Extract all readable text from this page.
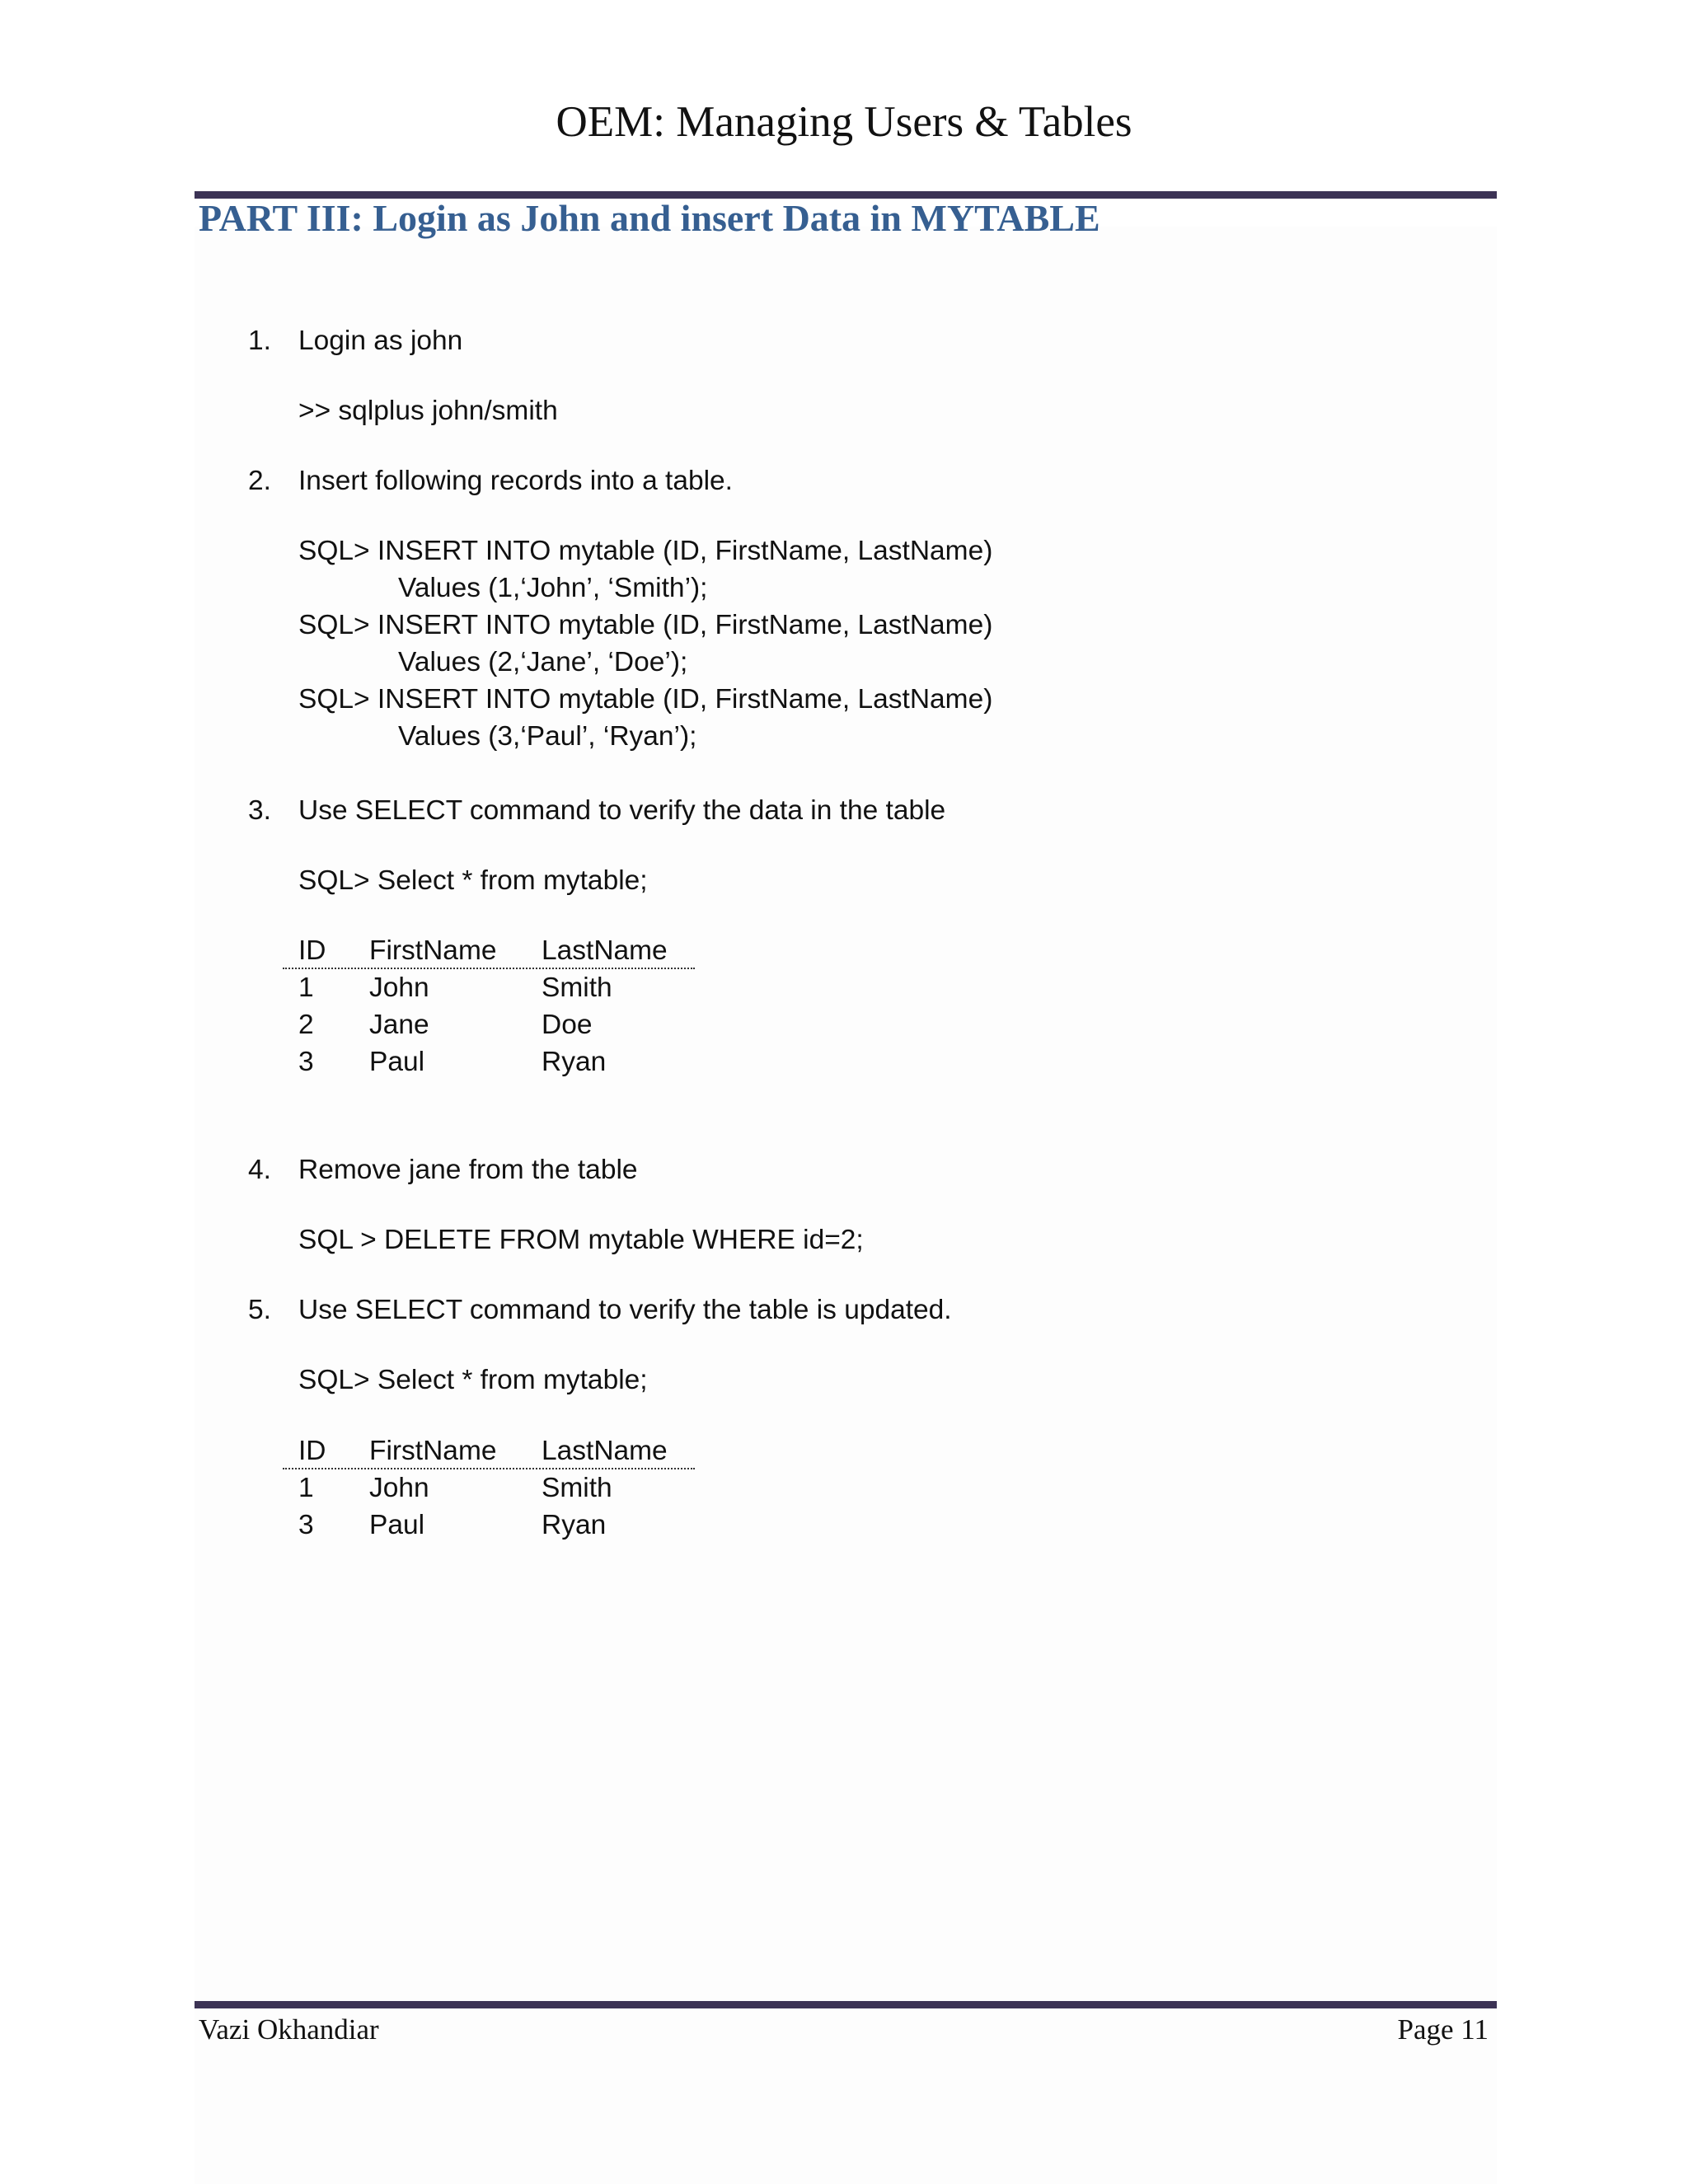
OEM: Managing Users & Tables
PART III: Login as John and insert Data in MYTABLE
1. Login as john
>> sqlplus john/smith
2. Insert following records into a table.
SQL> INSERT INTO mytable (ID, FirstName, LastName)
Values (1,‘John’, ‘Smith’);
SQL> INSERT INTO mytable (ID, FirstName, LastName)
Values (2,‘Jane’, ‘Doe’);
SQL> INSERT INTO mytable (ID, FirstName, LastName)
Values (3,‘Paul’, ‘Ryan’);
3. Use SELECT command to verify the data in the table
SQL> Select * from mytable;
ID FirstName LastName
1 John	Smith
2 Jane	Doe
3 Paul	Ryan
4. Remove jane from the table
SQL > DELETE FROM mytable WHERE id=2;
5. Use SELECT command to verify the table is updated.
SQL> Select * from mytable;
ID FirstName LastName
1 John	Smith
3 Paul	Ryan
Vazi Okhandiar	Page 11
